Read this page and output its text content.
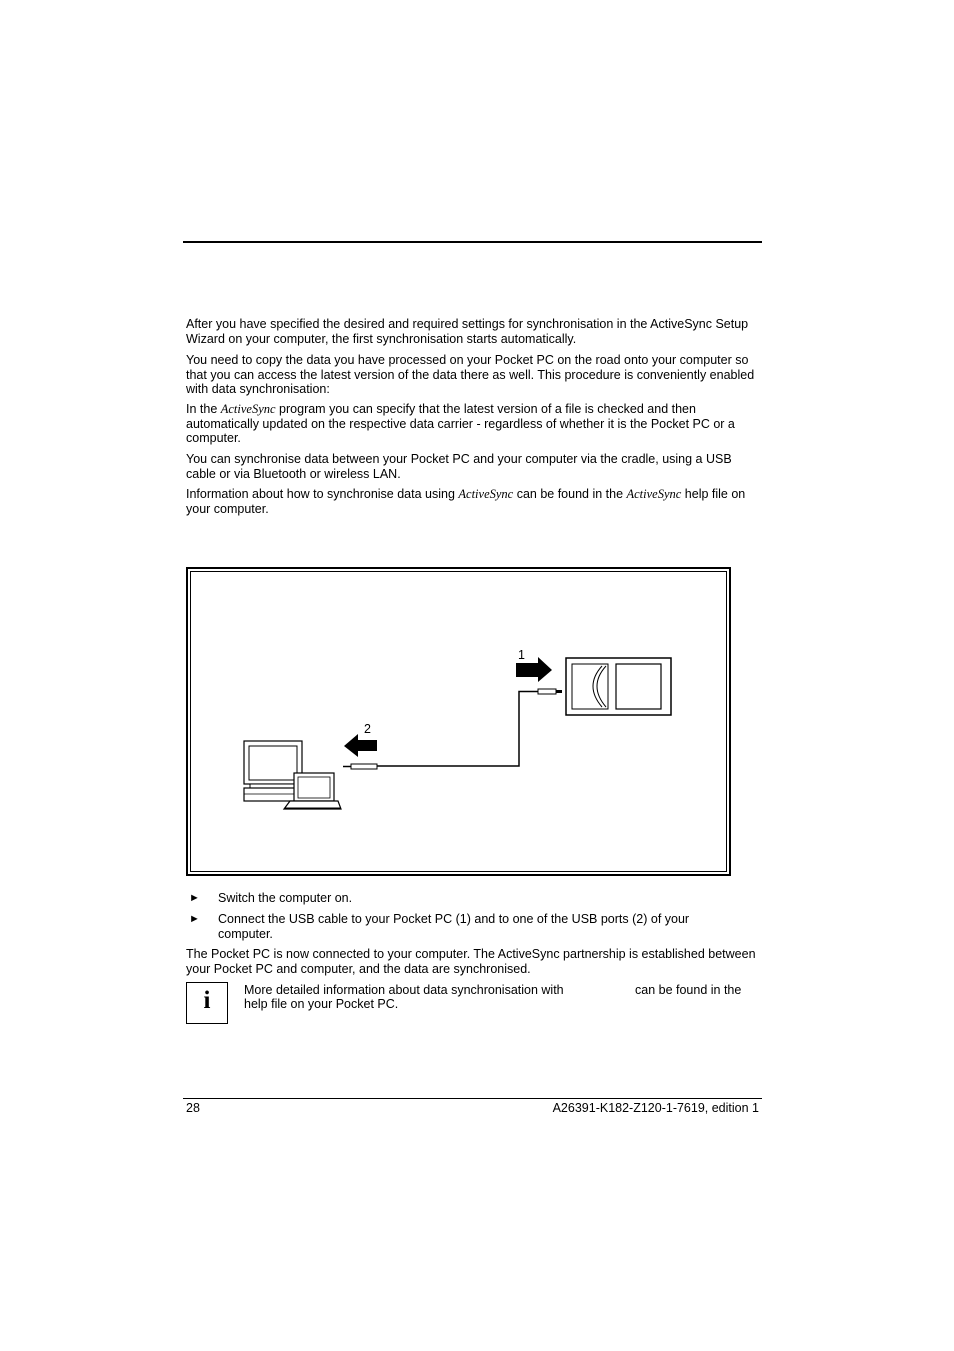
After you have specified the desired and required settings for synchronisation in the ActiveSync Setup Wizard on your computer, the first synchronisation starts automatically.

You need to copy the data you have processed on your Pocket PC on the road onto your computer so that you can access the latest version of the data there as well. This procedure is conveniently enabled with data synchronisation:

In the ActiveSync program you can specify that the latest version of a file is checked and then automatically updated on the respective data carrier - regardless of whether it is the Pocket PC or a computer.

You can synchronise data between your Pocket PC and your computer via the cradle, using a USB cable or via Bluetooth or wireless LAN.

Information about how to synchronise data using ActiveSync can be found in the ActiveSync help file on your computer.

1
2
► Switch the computer on.
► Connect the USB cable to your Pocket PC (1) and to one of the USB ports (2) of your computer.

The Pocket PC is now connected to your computer. The ActiveSync partnership is established between your Pocket PC and computer, and the data are synchronised.

i	More detailed information about data synchronisation with	can be found in the
help file on your Pocket PC.
28	A26391-K182-Z120-1-7619, edition 1
